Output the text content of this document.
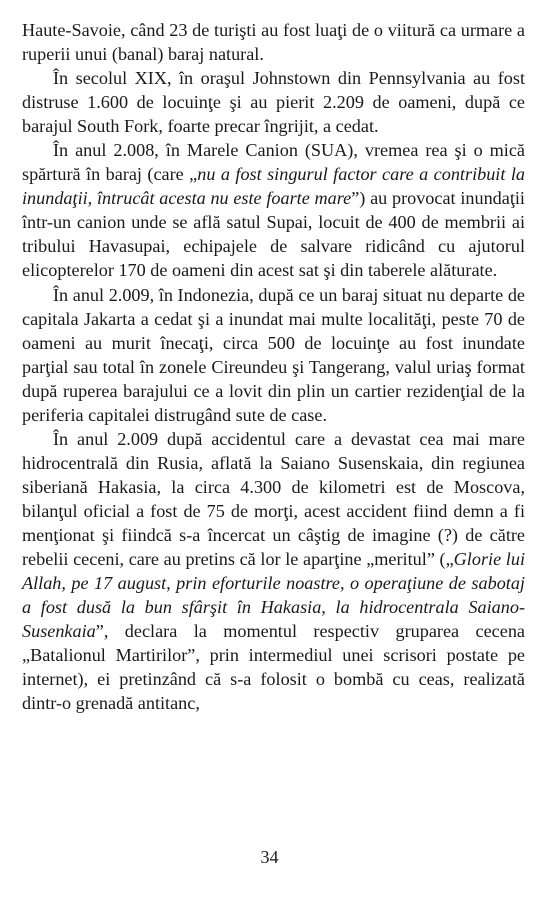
Haute-Savoie, când 23 de turişti au fost luaţi de o viitură ca urmare a ruperii unui (banal) baraj natural.

În secolul XIX, în oraşul Johnstown din Pennsylvania au fost distruse 1.600 de locuinţe şi au pierit 2.209 de oameni, după ce barajul South Fork, foarte precar îngrijit, a cedat.

În anul 2.008, în Marele Canion (SUA), vremea rea şi o mică spărtură în baraj (care „nu a fost singurul factor care a contribuit la inundaţii, întrucât acesta nu este foarte mare”) au provocat inundaţii într-un canion unde se află satul Supai, locuit de 400 de membrii ai tribului Havasupai, echipajele de salvare ridicând cu ajutorul elicopterelor 170 de oameni din acest sat şi din taberele alăturate.

În anul 2.009, în Indonezia, după ce un baraj situat nu departe de capitala Jakarta a cedat şi a inundat mai multe localităţi, peste 70 de oameni au murit înecaţi, circa 500 de locuinţe au fost inundate parţial sau total în zonele Cireundeu şi Tangerang, valul uriaş format după ruperea barajului ce a lovit din plin un cartier rezidenţial de la periferia capitalei distrugând sute de case.

În anul 2.009 după accidentul care a devastat cea mai mare hidrocentrală din Rusia, aflată la Saiano Susenskaia, din regiunea siberiană Hakasia, la circa 4.300 de kilometri est de Moscova, bilanţul oficial a fost de 75 de morţi, acest accident fiind demn a fi menţionat şi fiindcă s-a încercat un câştig de imagine (?) de către rebelii ceceni, care au pretins că lor le aparţine „meritul” („Glorie lui Allah, pe 17 august, prin eforturile noastre, o operaţiune de sabotaj a fost dusă la bun sfârşit în Hakasia, la hidrocentrala Saiano-Susenkaia”, declara la momentul respectiv gruparea cecena „Batalionul Martirilor”, prin intermediul unei scrisori postate pe internet), ei pretinzând că s-a folosit o bombă cu ceas, realizată dintr-o grenadă antitanc,

34
